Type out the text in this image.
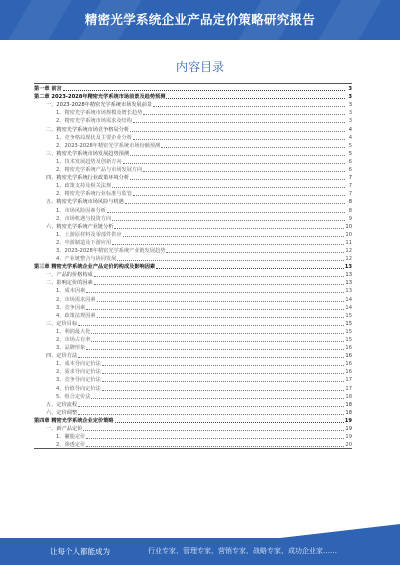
精密光学系统企业产品定价策略研究报告
内容目录
第一章 前言	3
第二章 2023-2028年精密光学系统市场前景及趋势预测	3
一、2023-2028年精密光学系统市场发展前景	3
1、精密光学系统市场规模及增长趋势	3
2、精密光学系统市场需求及结构	3
二、精密光学系统市场竞争格局分析	4
1、竞争格局现状及主要企业分析	4
2、2023-2028年精密光学系统市场份额预测	5
三、精密光学系统市场发展趋势预测	5
1、技术发展趋势及创新方向	6
2、精密光学系统产品与市场发展方向	6
四、精密光学系统行业政策环境分析	7
1、政策支持及相关法规	7
2、精密光学系统行业标准与监管	7
五、精密光学系统市场风险与机遇	8
1、市场风险因素分析	8
2、市场机遇与投资方向	9
六、精密光学系统产业链分析	10
1、上游原材料及零部件供应	10
2、中游制造及下游应用	11
3、2023-2028年精密光学系统产业链发展趋势	12
4、产业链整合与协同发展	12
第三章 精密光学系统企业产品定价的构成及影响因素	13
一、产品的价格构成	13
二、影响定价的因素	13
1、成本因素	13
2、市场需求因素	14
3、竞争因素	14
4、政策法规因素	15
三、定价目标	15
1、利润最大化	15
2、市场占有率	15
3、品牌形象	16
四、定价方法	16
1、成本导向定价法	16
2、需求导向定价法	16
3、竞争导向定价法	17
4、价值导向定价法	17
5、组合定价法	18
五、定价流程	18
六、定价调整	18
第四章 精密光学系统企业定价策略	19
一、新产品定价	19
1、撇脂定价	19
2、渗透定价	20
让每个人都能成为	行业专家、管理专家、营销专家、战略专家、成功企业家……
